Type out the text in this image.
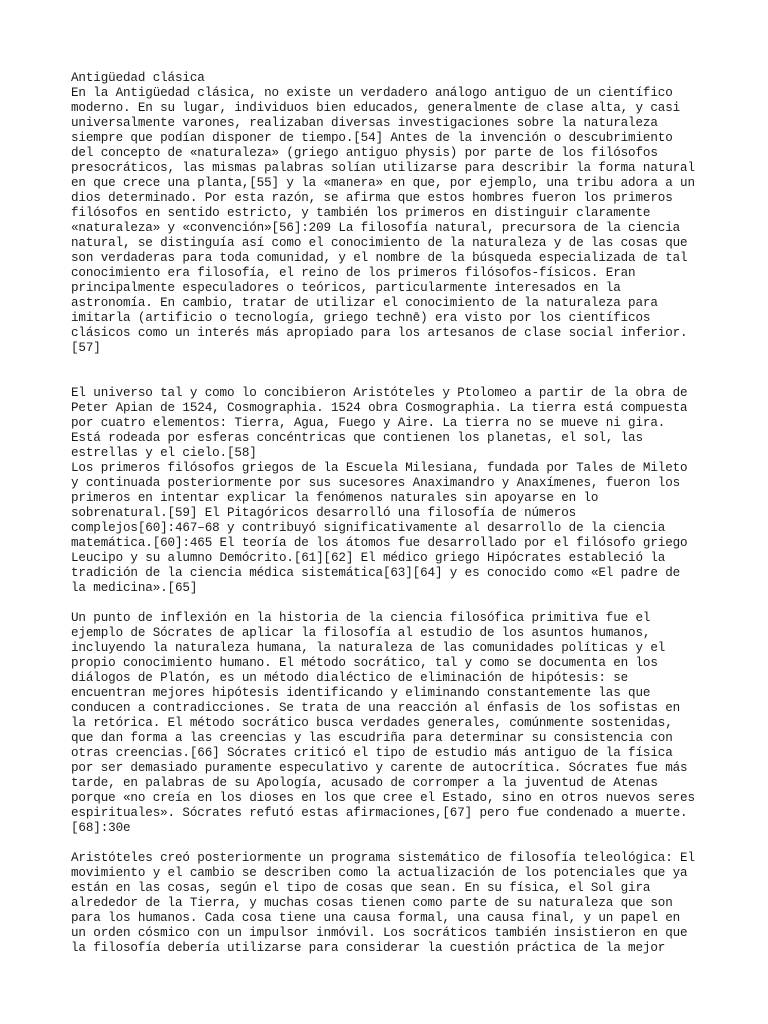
Antigüedad clásica

En la Antigüedad clásica, no existe un verdadero análogo antiguo de un científico moderno. En su lugar, individuos bien educados, generalmente de clase alta, y casi universalmente varones, realizaban diversas investigaciones sobre la naturaleza siempre que podían disponer de tiempo.[54] Antes de la invención o descubrimiento del concepto de «naturaleza» (griego antiguo physis) por parte de los filósofos presocráticos, las mismas palabras solían utilizarse para describir la forma natural en que crece una planta,[55] y la «manera» en que, por ejemplo, una tribu adora a un dios determinado. Por esta razón, se afirma que estos hombres fueron los primeros filósofos en sentido estricto, y también los primeros en distinguir claramente «naturaleza» y «convención»[56]:209 La filosofía natural, precursora de la ciencia natural, se distinguía así como el conocimiento de la naturaleza y de las cosas que son verdaderas para toda comunidad, y el nombre de la búsqueda especializada de tal conocimiento era filosofía, el reino de los primeros filósofos-físicos. Eran principalmente especuladores o teóricos, particularmente interesados en la astronomía. En cambio, tratar de utilizar el conocimiento de la naturaleza para imitarla (artificio o tecnología, griego technē) era visto por los científicos clásicos como un interés más apropiado para los artesanos de clase social inferior.[57]

El universo tal y como lo concibieron Aristóteles y Ptolomeo a partir de la obra de Peter Apian de 1524, Cosmographia. 1524 obra Cosmographia. La tierra está compuesta por cuatro elementos: Tierra, Agua, Fuego y Aire. La tierra no se mueve ni gira. Está rodeada por esferas concéntricas que contienen los planetas, el sol, las estrellas y el cielo.[58]

Los primeros filósofos griegos de la Escuela Milesiana, fundada por Tales de Mileto y continuada posteriormente por sus sucesores Anaximandro y Anaxímenes, fueron los primeros en intentar explicar la fenómenos naturales sin apoyarse en lo sobrenatural.[59] El Pitagóricos desarrolló una filosofía de números complejos[60]:467–68 y contribuyó significativamente al desarrollo de la ciencia matemática.[60]:465 El teoría de los átomos fue desarrollado por el filósofo griego Leucipo y su alumno Demócrito.[61][62] El médico griego Hipócrates estableció la tradición de la ciencia médica sistemática[63][64] y es conocido como «El padre de la medicina».[65]

Un punto de inflexión en la historia de la ciencia filosófica primitiva fue el ejemplo de Sócrates de aplicar la filosofía al estudio de los asuntos humanos, incluyendo la naturaleza humana, la naturaleza de las comunidades políticas y el propio conocimiento humano. El método socrático, tal y como se documenta en los diálogos de Platón, es un método dialéctico de eliminación de hipótesis: se encuentran mejores hipótesis identificando y eliminando constantemente las que conducen a contradicciones. Se trata de una reacción al énfasis de los sofistas en la retórica. El método socrático busca verdades generales, comúnmente sostenidas, que dan forma a las creencias y las escudriña para determinar su consistencia con otras creencias.[66] Sócrates criticó el tipo de estudio más antiguo de la física por ser demasiado puramente especulativo y carente de autocrítica. Sócrates fue más tarde, en palabras de su Apología, acusado de corromper a la juventud de Atenas porque «no creía en los dioses en los que cree el Estado, sino en otros nuevos seres espirituales». Sócrates refutó estas afirmaciones,[67] pero fue condenado a muerte.[68]:30e

Aristóteles creó posteriormente un programa sistemático de filosofía teleológica: El movimiento y el cambio se describen como la actualización de los potenciales que ya están en las cosas, según el tipo de cosas que sean. En su física, el Sol gira alrededor de la Tierra, y muchas cosas tienen como parte de su naturaleza que son para los humanos. Cada cosa tiene una causa formal, una causa final, y un papel en un orden cósmico con un impulsor inmóvil. Los socráticos también insistieron en que la filosofía debería utilizarse para considerar la cuestión práctica de la mejor
